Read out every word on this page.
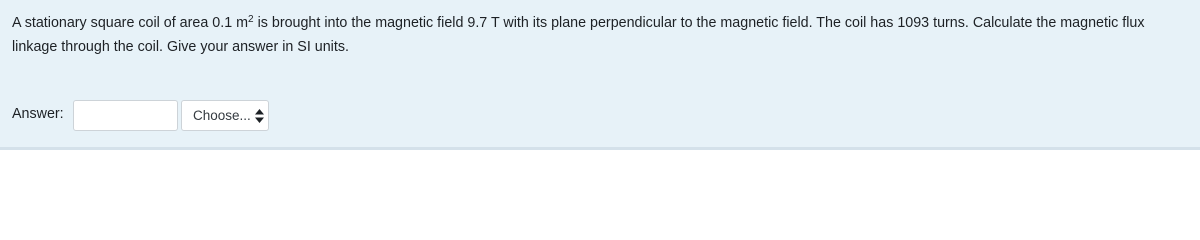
A stationary square coil of area 0.1 $m^2$ is brought into the magnetic field 9.7 T with its plane perpendicular to the magnetic field. The coil has 1093 turns. Calculate the magnetic flux linkage through the coil. Give your answer in SI units.
Answer:	Choose...
